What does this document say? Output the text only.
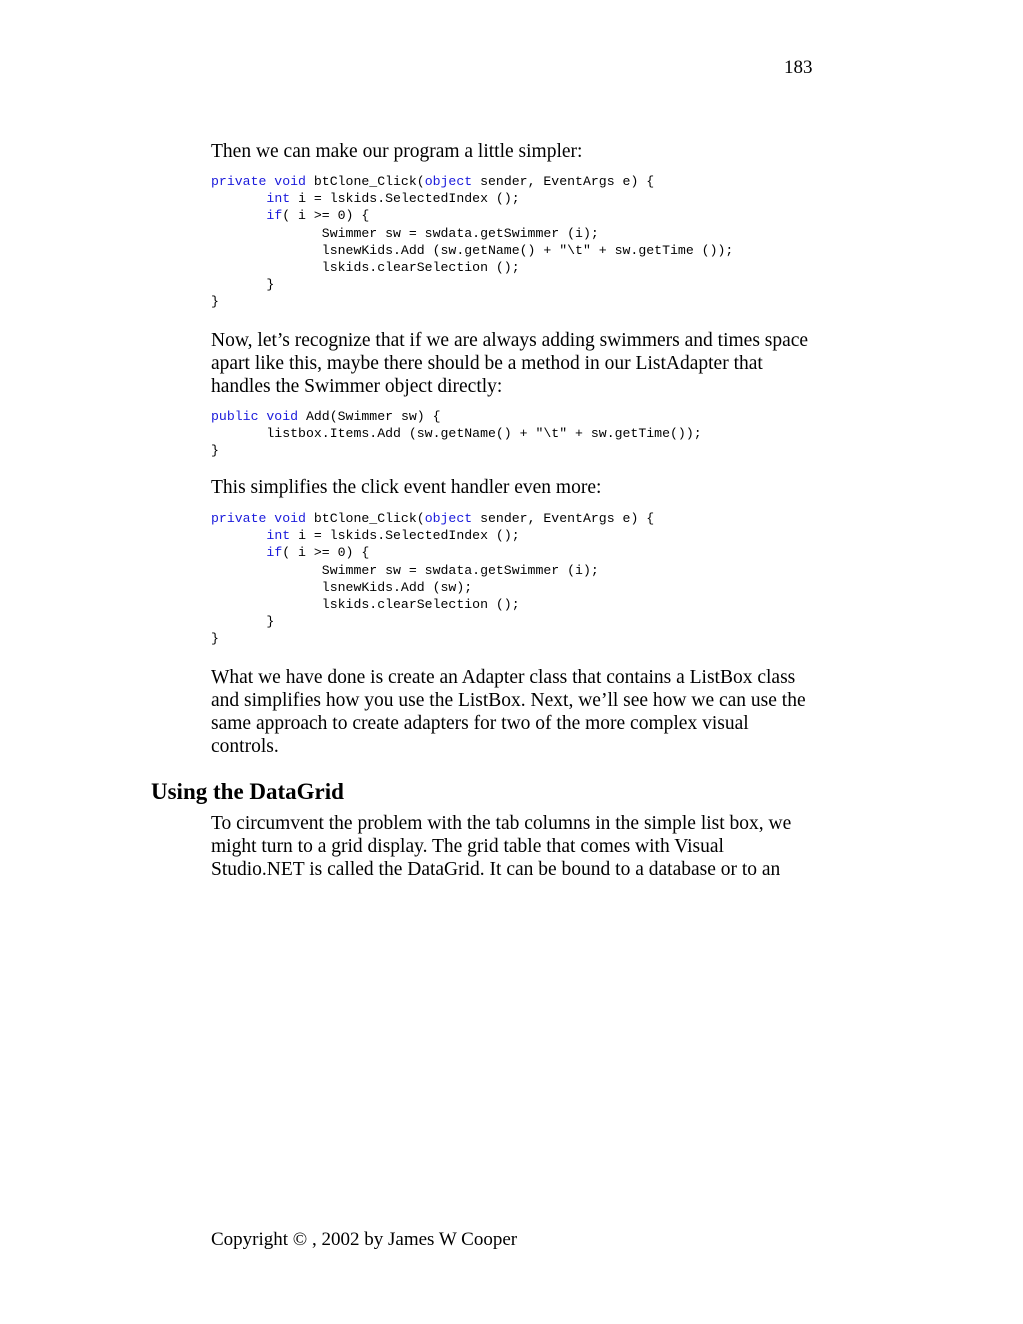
183

Then we can make our program a little simpler:

private void btClone_Click(object sender, EventArgs e) {
int i = lskids.SelectedIndex ();
if( i >= 0) {
Swimmer sw = swdata.getSwimmer (i);
lsnewKids.Add (sw.getName() + "\t" + sw.getTime ());
lskids.clearSelection ();
}
}

Now, let’s recognize that if we are always adding swimmers and times space apart like this, maybe there should be a method in our ListAdapter that handles the Swimmer object directly:

public void Add(Swimmer sw) {
listbox.Items.Add (sw.getName() + "\t" + sw.getTime());
}

This simplifies the click event handler even more:

private void btClone_Click(object sender, EventArgs e) {
int i = lskids.SelectedIndex ();
if( i >= 0) {
Swimmer sw = swdata.getSwimmer (i);
lsnewKids.Add (sw);
lskids.clearSelection ();
}
}

What we have done is create an Adapter class that contains a ListBox class and simplifies how you use the ListBox. Next, we’ll see how we can use the same approach to create adapters for two of the more complex visual controls.

Using the DataGrid

To circumvent the problem with the tab columns in the simple list box, we might turn to a grid display. The grid table that comes with Visual Studio.NET is called the DataGrid. It can be bound to a database or to an

Copyright © , 2002 by James W Cooper
